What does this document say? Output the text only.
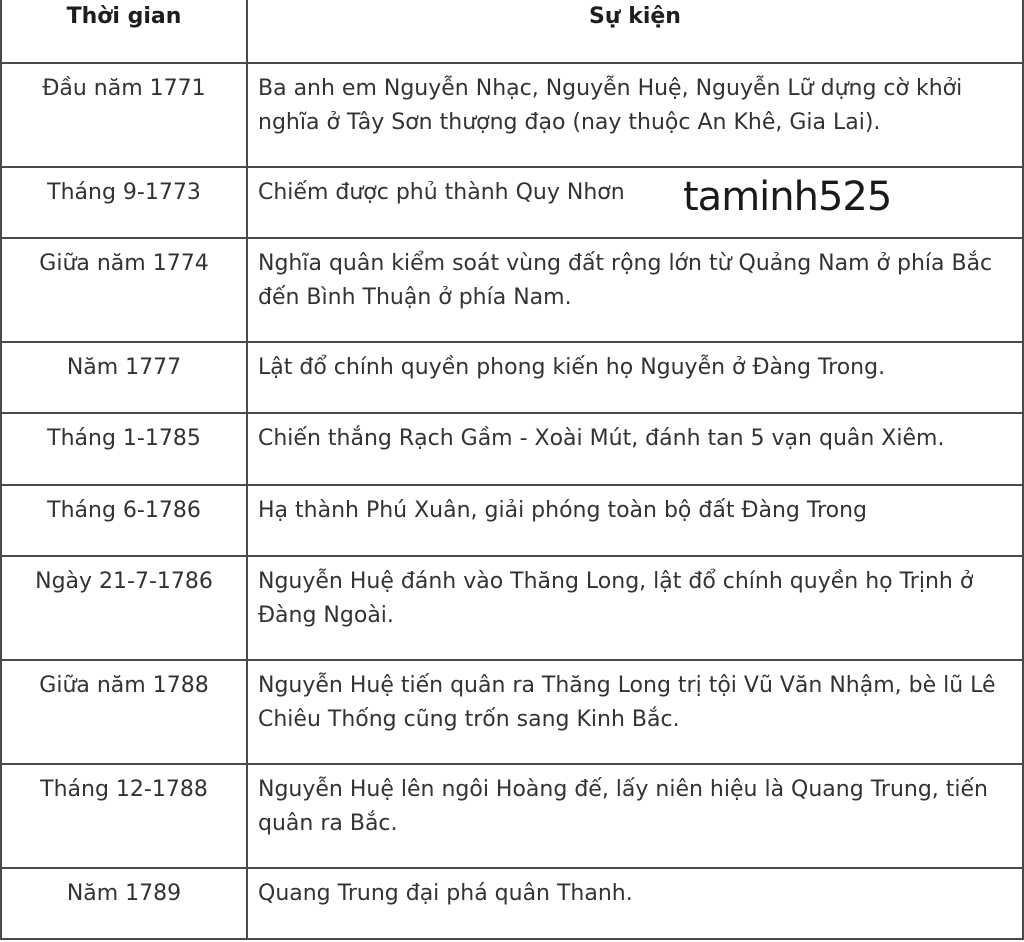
Thời gian	Sự kiện
Đầu năm 1771	Ba anh em Nguyễn Nhạc, Nguyễn Huệ, Nguyễn Lữ dựng cờ khởi nghĩa ở Tây Sơn thượng đạo (nay thuộc An Khê, Gia Lai).
Tháng 9-1773	Chiếm được phủ thành Quy Nhơn
Giữa năm 1774	Nghĩa quân kiểm soát vùng đất rộng lớn từ Quảng Nam ở phía Bắc đến Bình Thuận ở phía Nam.
Năm 1777	Lật đổ chính quyền phong kiến họ Nguyễn ở Đàng Trong.
Tháng 1-1785	Chiến thắng Rạch Gầm - Xoài Mút, đánh tan 5 vạn quân Xiêm.
Tháng 6-1786	Hạ thành Phú Xuân, giải phóng toàn bộ đất Đàng Trong
Ngày 21-7-1786	Nguyễn Huệ đánh vào Thăng Long, lật đổ chính quyền họ Trịnh ở Đàng Ngoài.
Giữa năm 1788	Nguyễn Huệ tiến quân ra Thăng Long trị tội Vũ Văn Nhậm, bè lũ Lê Chiêu Thống cũng trốn sang Kinh Bắc.
Tháng 12-1788	Nguyễn Huệ lên ngôi Hoàng đế, lấy niên hiệu là Quang Trung, tiến quân ra Bắc.
Năm 1789	Quang Trung đại phá quân Thanh.
taminh525
